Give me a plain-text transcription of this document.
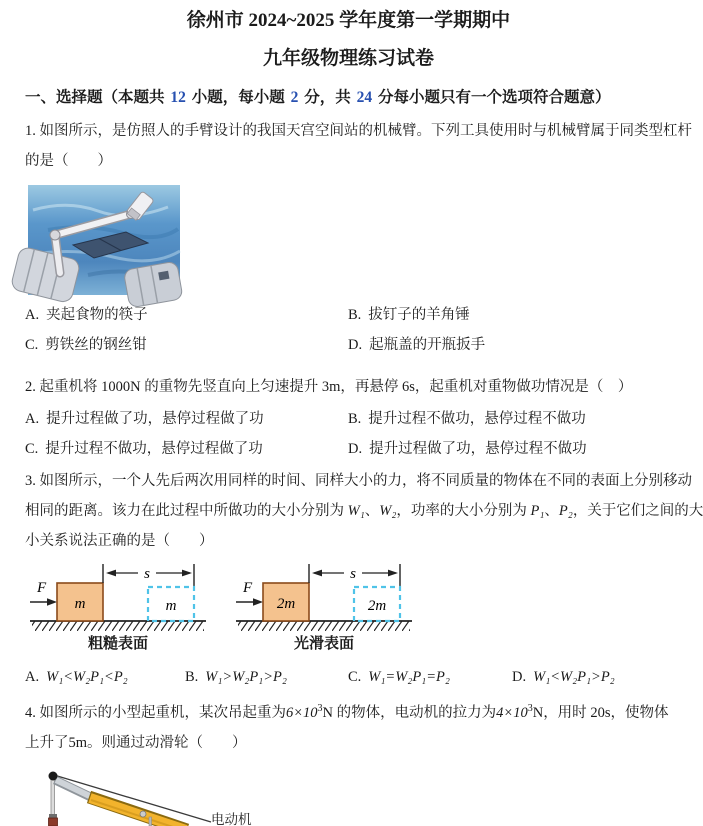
徐州市 2024~2025 学年度第一学期期中
九年级物理练习试卷
一、选择题（本题共 12 小题，每小题 2 分，共 24 分每小题只有一个选项符合题意）
1. 如图所示，是仿照人的手臂设计的我国天宫空间站的机械臂。下列工具使用时与机械臂属于同类型杠杆
的是（　　）
A. 夹起食物的筷子	B. 拔钉子的羊角锤
C. 剪铁丝的钢丝钳	D. 起瓶盖的开瓶扳手
2. 起重机将 1000N 的重物先竖直向上匀速提升 3m，再悬停 6s，起重机对重物做功情况是（　）
A. 提升过程做了功，悬停过程做了功	B. 提升过程不做功，悬停过程不做功
C. 提升过程不做功，悬停过程做了功	D. 提升过程做了功，悬停过程不做功
3. 如图所示，一个人先后两次用同样的时间、同样大小的力，将不同质量的物体在不同的表面上分别移动
相同的距离。该力在此过程中所做功的大小分别为 W₁、W₂，功率的大小分别为 P₁、P₂，关于它们之间的大
小关系说法正确的是（　　）
F
m
s
m
粗糙表面
F
2m
s
2m
光滑表面
A. W₁<W₂P₁<P₂	B. W₁>W₂P₁>P₂	C. W₁=W₂P₁=P₂	D. W₁<W₂P₁>P₂
4. 如图所示的小型起重机，某次吊起重为$6\times 10^3N$ 的物体，电动机的拉力为$4\times 10^3N$，用时 20s，使物体
上升了5m。则通过动滑轮（　　）
电动机
